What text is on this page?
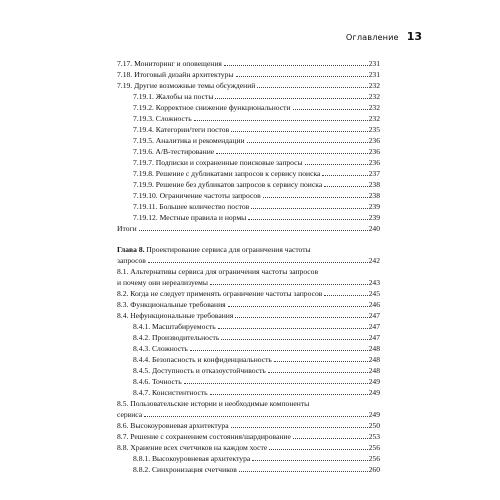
Оглавление 13
7.17. Мониторинг и оповещения	231
7.18. Итоговый дизайн архитектуры	231
7.19. Другие возможные темы обсуждений	232
7.19.1. Жалобы на посты	232
7.19.2. Корректное снижение функциональности	232
7.19.3. Сложность	232
7.19.4. Категории/теги постов	235
7.19.5. Аналитика и рекомендации	236
7.19.6. A/B-тестирование	236
7.19.7. Подписки и сохраненные поисковые запросы	236
7.19.8. Решение с дубликатами запросов к сервису поиска	237
7.19.9. Решение без дубликатов запросов к сервису поиска	238
7.19.10. Ограничение частоты запросов	238
7.19.11. Большее количество постов	239
7.19.12. Местные правила и нормы	239
Итоги	240
Глава 8. Проектирование сервиса для ограничения частоты
запросов	242
8.1. Альтернативы сервиса для ограничения частоты запросов
и почему они нереализуемы	243
8.2. Когда не следует применять ограничение частоты запросов	245
8.3. Функциональные требования	246
8.4. Нефункциональные требования	247
8.4.1. Масштабируемость	247
8.4.2. Производительность	247
8.4.3. Сложность	248
8.4.4. Безопасность и конфиденциальность	248
8.4.5. Доступность и отказоустойчивость	248
8.4.6. Точность	249
8.4.7. Консистентность	249
8.5. Пользовательские истории и необходимые компоненты
сервиса	249
8.6. Высокоуровневая архитектура	250
8.7. Решение с сохранением состояния/шардирование	253
8.8. Хранение всех счетчиков на каждом хосте	256
8.8.1. Высокоуровневая архитектура	256
8.8.2. Синхронизация счетчиков	260
